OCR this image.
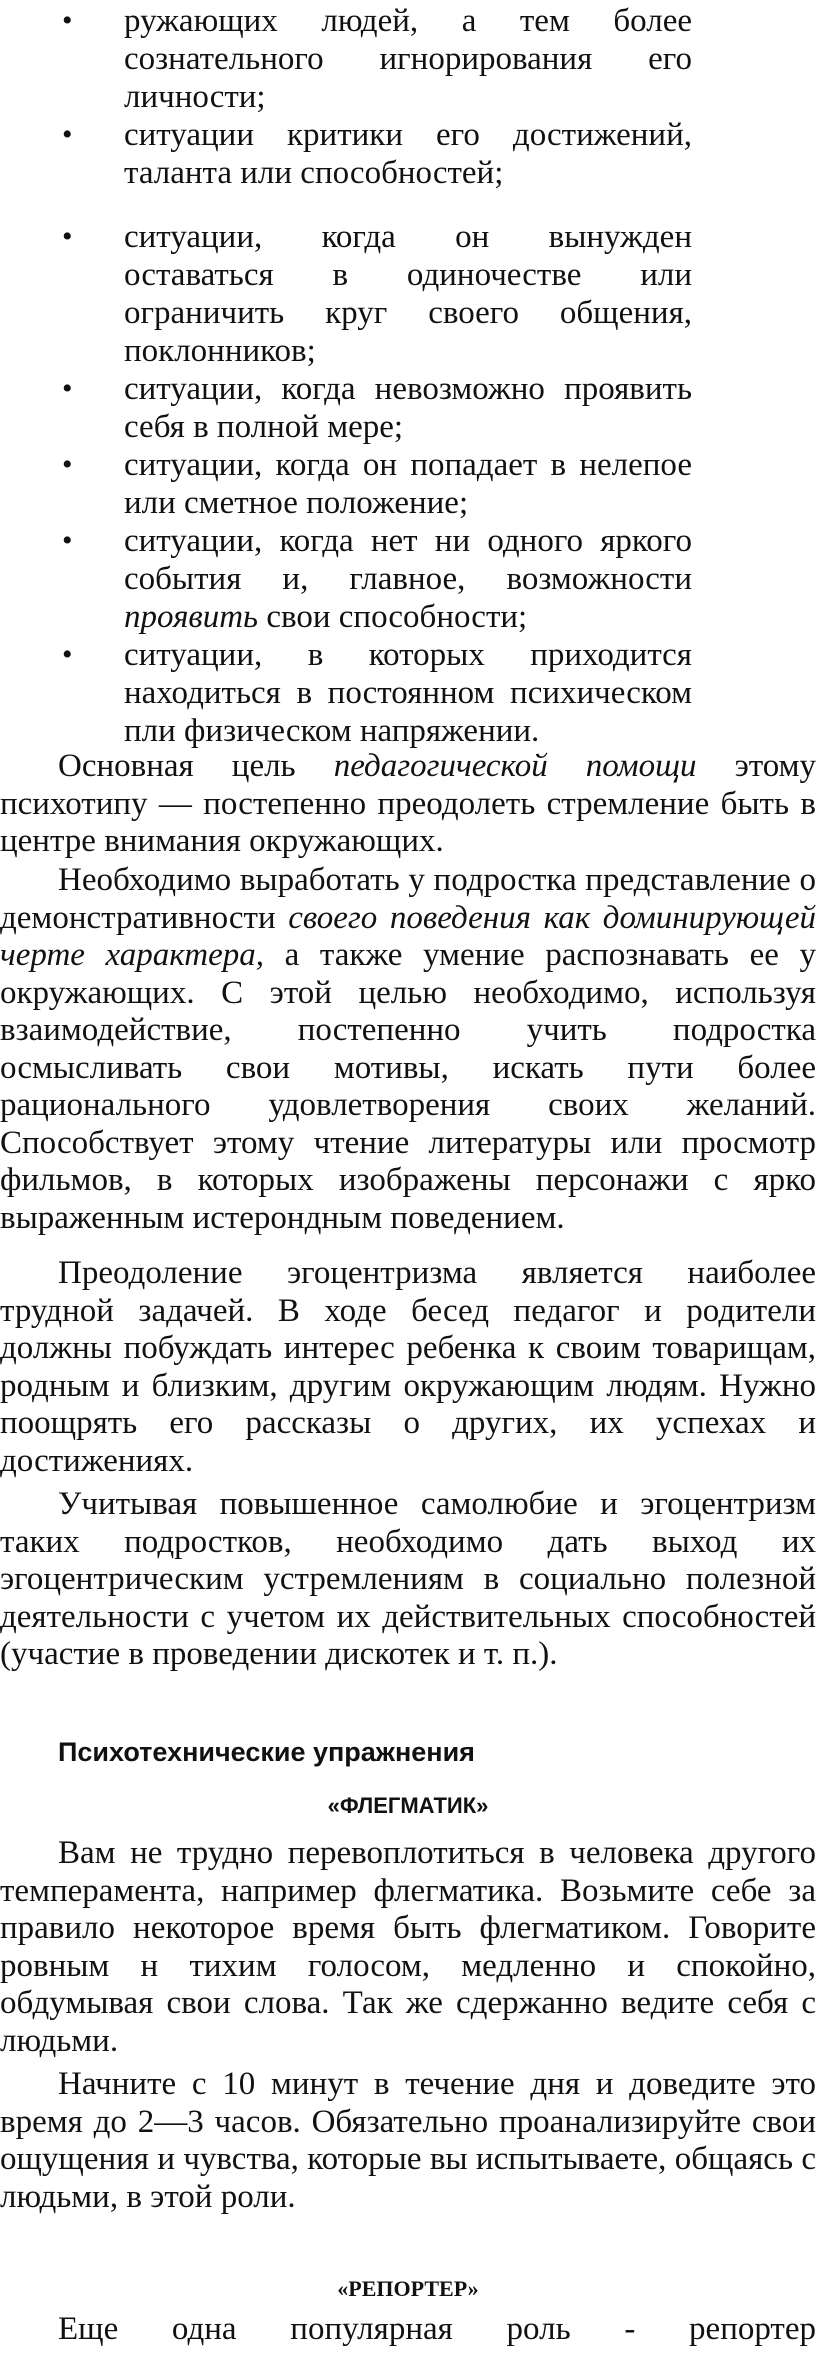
• ружающих людей, а тем более сознательного игнорирования его личности;

• ситуации критики его достижений, таланта или способностей;

• ситуации, когда он вынужден оставаться в одиночестве или ограничить круг своего общения, поклонников;

• ситуации, когда невозможно проявить себя в полной мере;

• ситуации, когда он попадает в нелепое или сметное положение;

• ситуации, когда нет ни одного яркого события и, главное, возможности проявить свои способности;

• ситуации, в которых приходится находиться в постоянном психическом пли физическом напряжении.

Основная цель педагогической помощи этому психотипу — постепенно преодолеть стремление быть в центре внимания окружающих.

Необходимо выработать у подростка представление о демонстративности своего поведения как доминирующей черте характера, а также умение распознавать ее у окружающих. С этой целью необходимо, используя взаимодействие, постепенно учить подростка осмысливать свои мотивы, искать пути более рационального удовлетворения своих желаний. Способствует этому чтение литературы или просмотр фильмов, в которых изображены персонажи с ярко выраженным истерондным поведением.

Преодоление эгоцентризма является наиболее трудной задачей. В ходе бесед педагог и родители должны побуждать интерес ребенка к своим товарищам, родным и близким, другим окружающим людям. Нужно поощрять его рассказы о других, их успехах и достижениях.

Учитывая повышенное самолюбие и эгоцентризм таких подростков, необходимо дать выход их эгоцентрическим устремлениям в социально полезной деятельности с учетом их действительных способностей (участие в проведении дискотек и т. п.).

Психотехнические упражнения
«ФЛЕГМАТИК»

Вам не трудно перевоплотиться в человека другого темперамента, например флегматика. Возьмите себе за правило некоторое время быть флегматиком. Говорите ровным н тихим голосом, медленно и спокойно, обдумывая свои слова. Так же сдержанно ведите себя с людьми.

Начните с 10 минут в течение дня и доведите это время до 2—3 часов. Обязательно проанализируйте свои ощущения и чувства, которые вы испытываете, общаясь с людьми, в этой роли.

«РЕПОРТЕР»

Еще одна популярная роль - репортер
